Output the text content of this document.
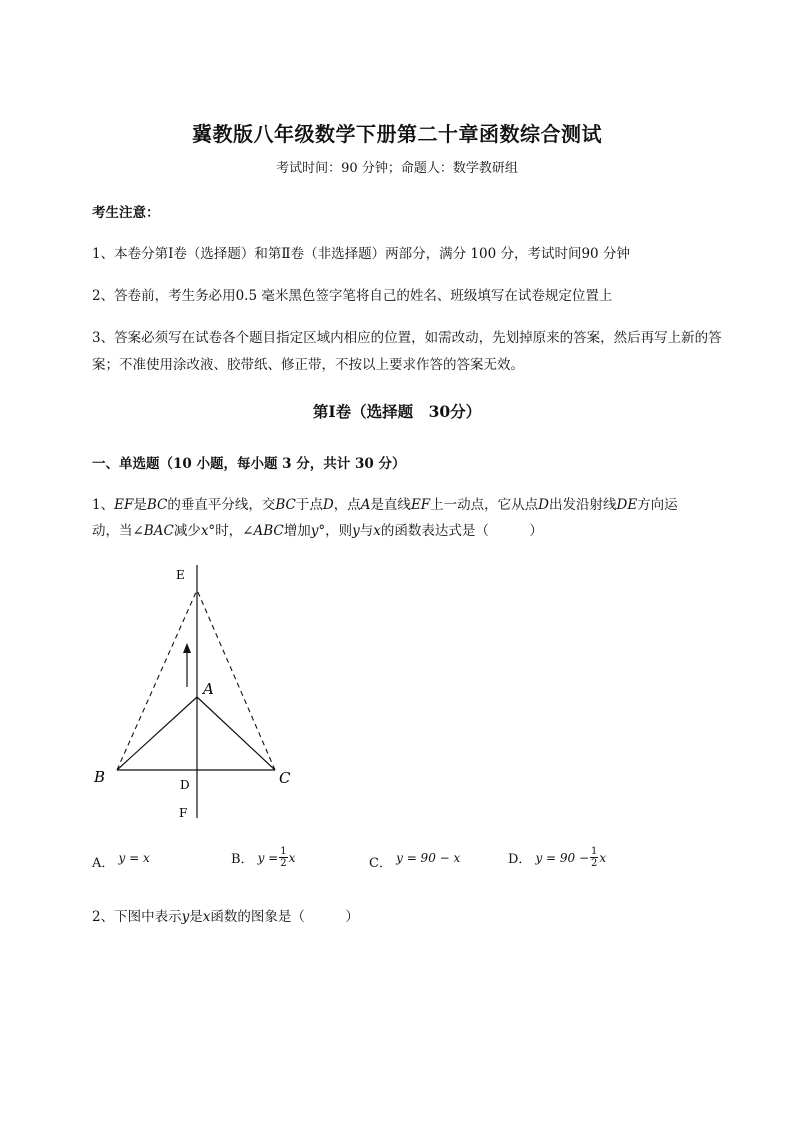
冀教版八年级数学下册第二十章函数综合测试
考试时间：90 分钟；命题人：数学教研组
考生注意：
1、本卷分第Ⅰ卷（选择题）和第Ⅱ卷（非选择题）两部分，满分 100 分，考试时间90 分钟
2、答卷前，考生务必用0.5 毫米黑色签字笔将自己的姓名、班级填写在试卷规定位置上
3、答案必须写在试卷各个题目指定区域内相应的位置，如需改动，先划掉原来的答案，然后再写上新的答案；不准使用涂改液、胶带纸、修正带，不按以上要求作答的答案无效。
第Ⅰ卷（选择题　30分）
一、单选题（10 小题，每小题 3 分，共计 30 分）
1、EF是BC的垂直平分线，交BC于点D，点A是直线EF上一动点，它从点D出发沿射线DE方向运
动，当∠BAC减少x°时，∠ABC增加y°，则y与x的函数表达式是（　　　）
E
A
B	D	C
F
A． y = x	B． $y = \frac{1}{2}$ x	C． y = 90 − x	D． $y = 90 - \frac{1}{2}$ x
2、下图中表示y是x函数的图象是（　　　）
